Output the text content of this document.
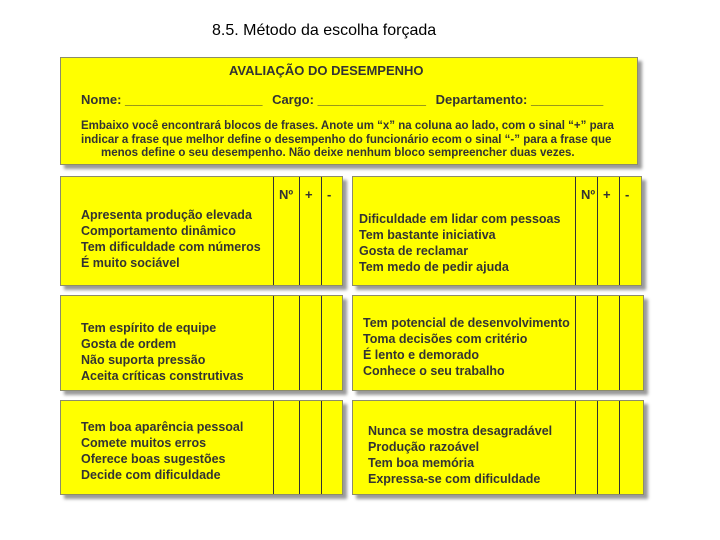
8.5. Método da escolha forçada
AVALIAÇÃO DO DESEMPENHO
Nome: ___________________ Cargo: _______________ Departamento: __________
Embaixo você encontrará blocos de frases. Anote um “x” na coluna ao lado, com o sinal “+” para
indicar a frase que melhor define o desempenho do funcionário ecom o sinal “-” para a frase que
menos define o seu desempenho. Não deixe nenhum bloco sempreencher duas vezes.
Apresenta produção elevada
Comportamento dinâmico
Tem dificuldade com números
É muito sociável
Nº + -
Dificuldade em lidar com pessoas
Tem bastante iniciativa
Gosta de reclamar
Tem medo de pedir ajuda
Nº + -
Tem espírito de equipe
Gosta de ordem
Não suporta pressão
Aceita críticas construtivas
Tem potencial de desenvolvimento
Toma decisões com critério
É lento e demorado
Conhece o seu trabalho
Tem boa aparência pessoal
Comete muitos erros
Oferece boas sugestões
Decide com dificuldade
Nunca se mostra desagradável
Produção razoável
Tem boa memória
Expressa-se com dificuldade
